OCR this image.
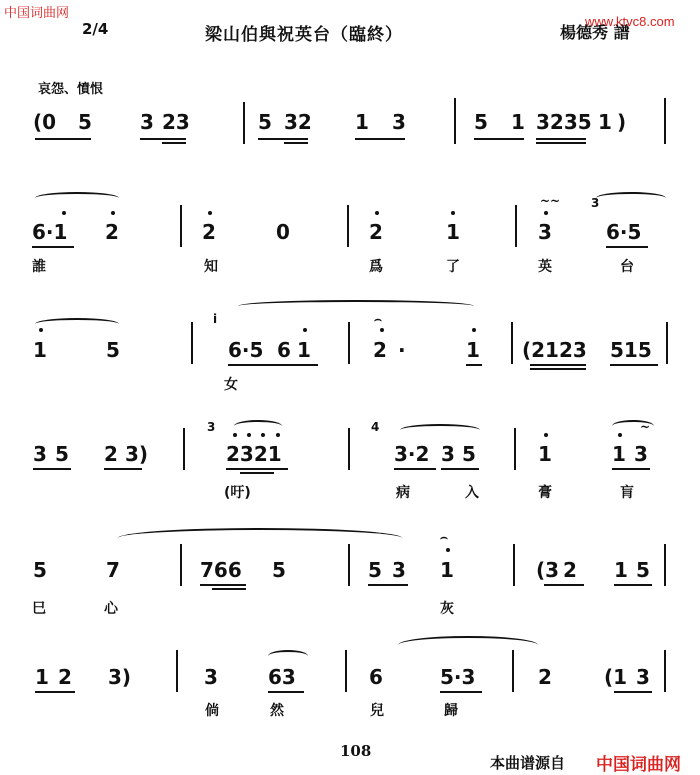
中国词曲网
www.ktvc8.com
2/4	梁山伯與祝英台（臨終）	楊德秀 譜
哀怨、憤恨
(0 5 3 23	5 32 1 3	5 1 3235 1 )
6·1 2
誰
2	0
知
2	1
爲	了
~~
3
3
6·5
英	台
1	5
i
6·5 6 1
女
⌢
2 ·	1 (2123 515
3 5 2 3)
3
2321
(吁)
4
3·2 3 5
病	入
1
~
1 3
膏	肓
5	7
巳	心
766 5	5 3
⌢
1
灰
(3 2 1 5
1 2 3)	3
倘
63
然
6
兒
5·3
歸
2	(1 3
108
本曲谱源自 中国词曲网
